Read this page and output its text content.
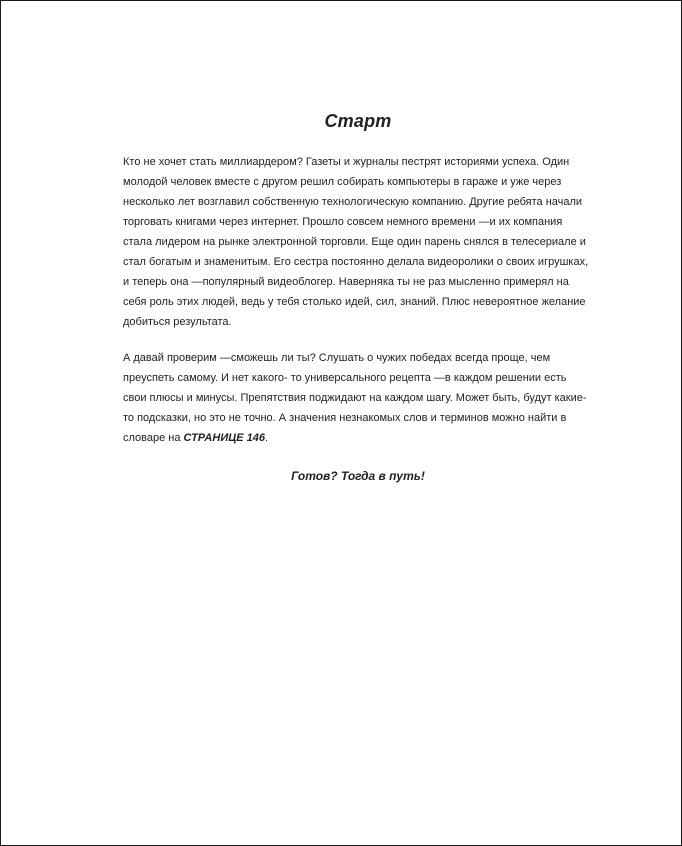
Старт

Кто не хочет стать миллиардером? Газеты и журналы пестрят историями успеха. Один молодой человек вместе с другом решил собирать компьютеры в гараже и уже через несколько лет возглавил собственную технологическую компанию. Другие ребята начали торговать книгами через интернет. Прошло совсем немного времени —и их компания стала лидером на рынке электронной торговли. Еще один парень снялся в телесериале и стал богатым и знаменитым. Его сестра постоянно делала видеоролики о своих игрушках, и теперь она —популярный видеоблогер. Наверняка ты не раз мысленно примерял на себя роль этих людей, ведь у тебя столько идей, сил, знаний. Плюс невероятное желание добиться результата.

А давай проверим —сможешь ли ты? Слушать о чужих победах всегда проще, чем преуспеть самому. И нет какого- то универсального рецепта —в каждом решении есть свои плюсы и минусы. Препятствия поджидают на каждом шагу. Может быть, будут какие- то подсказки, но это не точно. А значения незнакомых слов и терминов можно найти в словаре на СТРАНИЦЕ 146.

Готов? Тогда в путь!
